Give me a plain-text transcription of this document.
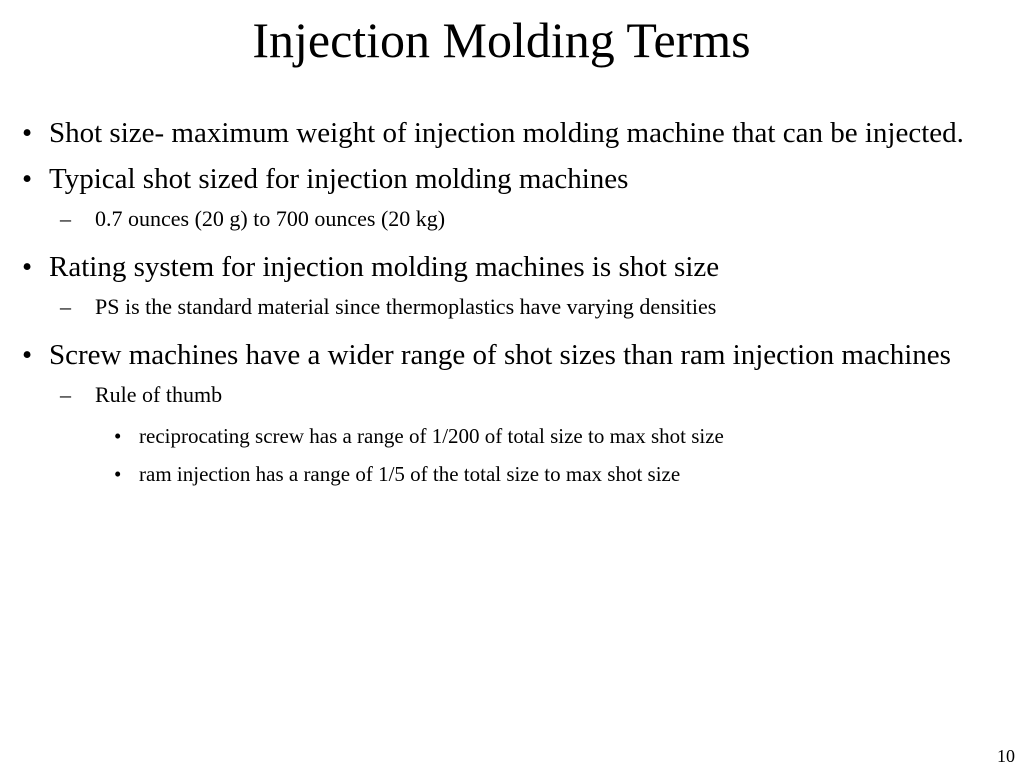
Injection Molding Terms
• Shot size- maximum weight of injection molding machine that can be injected.
• Typical shot sized for injection molding machines
–	0.7 ounces (20 g) to 700 ounces (20 kg)
• Rating system for injection molding machines is shot size
–	PS is the standard material since thermoplastics have varying densities
• Screw machines have a wider range of shot sizes than ram injection machines
–	Rule of thumb
• reciprocating screw has a range of 1/200 of total size to max shot size
• ram injection has a range of 1/5 of the total size to max shot size
10
